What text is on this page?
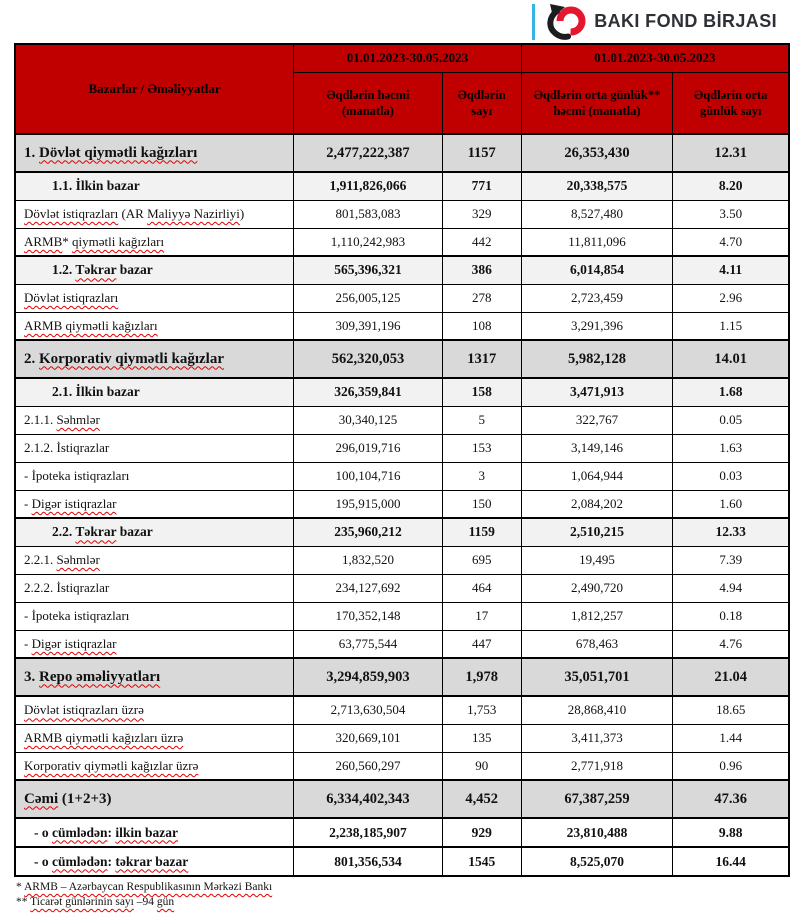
BAKI FOND BİRJASI
Bazarlar / Əməliyyatlar	01.01.2023-30.05.2023		01.01.2023-30.05.2023	
	Əqdlərin həcmi (manatla)	Əqdlərin sayı	Əqdlərin orta günlük** həcmi (manatla)	Əqdlərin orta günlük sayı
1. Dövlət qiymətli kağızları	2,477,222,387	1157	26,353,430	12.31
1.1. İlkin bazar	1,911,826,066	771	20,338,575	8.20
Dövlət istiqrazları (AR Maliyyə Nazirliyi)	801,583,083	329	8,527,480	3.50
ARMB* qiymətli kağızları	1,110,242,983	442	11,811,096	4.70
1.2. Təkrar bazar	565,396,321	386	6,014,854	4.11
Dövlət istiqrazları	256,005,125	278	2,723,459	2.96
ARMB qiymətli kağızları	309,391,196	108	3,291,396	1.15
2. Korporativ qiymətli kağızlar	562,320,053	1317	5,982,128	14.01
2.1. İlkin bazar	326,359,841	158	3,471,913	1.68
2.1.1. Səhmlər	30,340,125	5	322,767	0.05
2.1.2. İstiqrazlar	296,019,716	153	3,149,146	1.63
- İpoteka istiqrazları	100,104,716	3	1,064,944	0.03
- Digər istiqrazlar	195,915,000	150	2,084,202	1.60
2.2. Təkrar bazar	235,960,212	1159	2,510,215	12.33
2.2.1. Səhmlər	1,832,520	695	19,495	7.39
2.2.2. İstiqrazlar	234,127,692	464	2,490,720	4.94
- İpoteka istiqrazları	170,352,148	17	1,812,257	0.18
- Digər istiqrazlar	63,775,544	447	678,463	4.76
3. Repo əməliyyatları	3,294,859,903	1,978	35,051,701	21.04
Dövlət istiqrazları üzrə	2,713,630,504	1,753	28,868,410	18.65
ARMB qiymətli kağızları üzrə	320,669,101	135	3,411,373	1.44
Korporativ qiymətli kağızlar üzrə	260,560,297	90	2,771,918	0.96
Cəmi (1+2+3)	6,334,402,343	4,452	67,387,259	47.36
- o cümlədən: ilkin bazar	2,238,185,907	929	23,810,488	9.88
- o cümlədən: təkrar bazar	801,356,534	1545	8,525,070	16.44
* ARMB – Azərbaycan Respublikasının Mərkəzi Bankı
** Ticarət günlərinin sayı –94 gün
